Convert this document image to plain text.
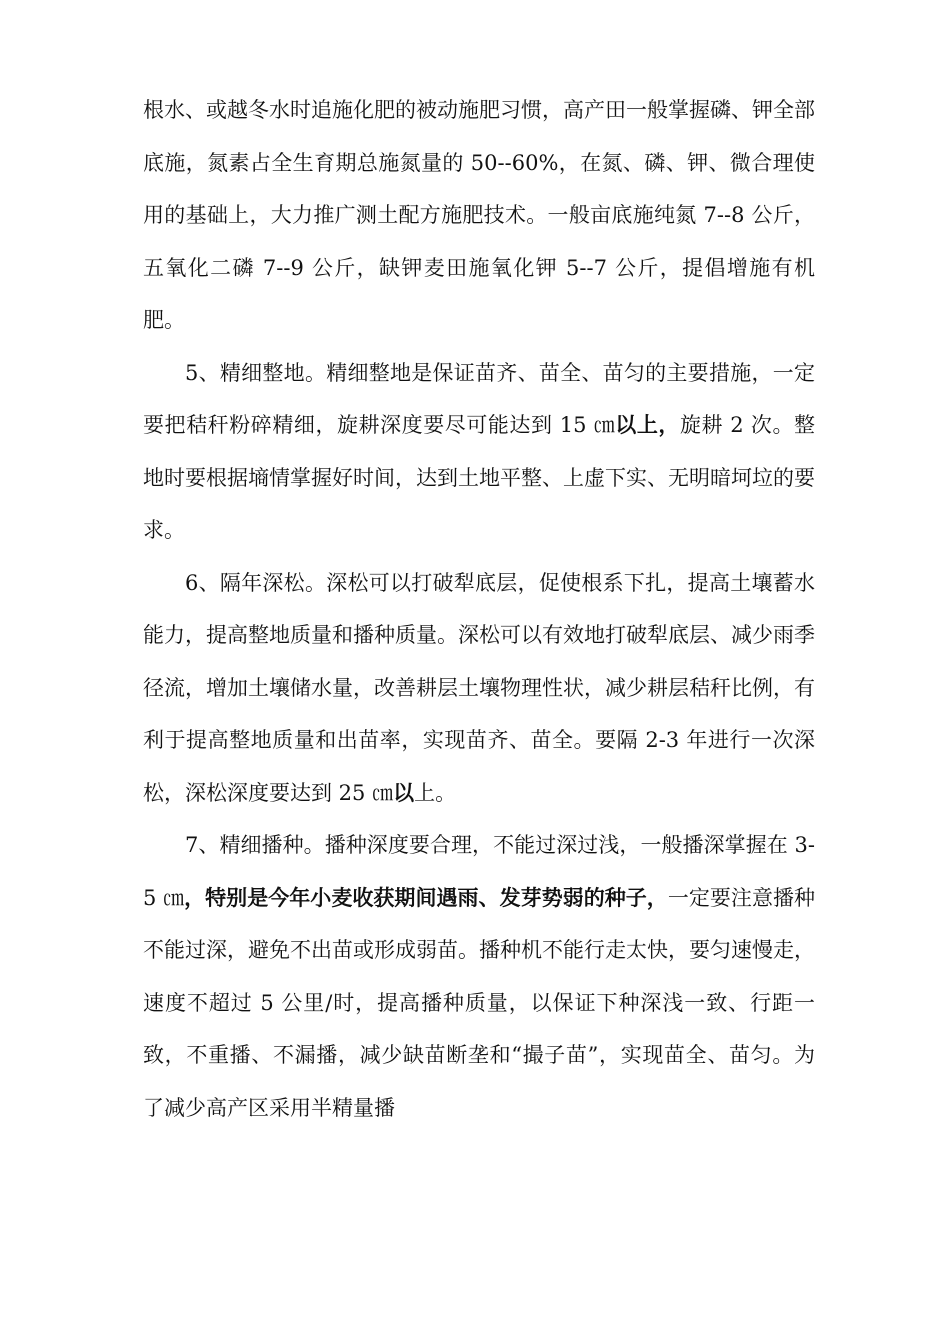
根水、或越冬水时追施化肥的被动施肥习惯，高产田一般掌握磷、钾全部底施，氮素占全生育期总施氮量的 50--60%，在氮、磷、钾、微合理使用的基础上，大力推广测土配方施肥技术。一般亩底施纯氮 7--8 公斤，五氧化二磷 7--9 公斤，缺钾麦田施氧化钾 5--7 公斤，提倡增施有机肥。

5、精细整地。精细整地是保证苗齐、苗全、苗匀的主要措施，一定要把秸秆粉碎精细，旋耕深度要尽可能达到 15 ㎝以上，旋耕 2 次。整地时要根据墒情掌握好时间，达到土地平整、上虚下实、无明暗坷垃的要求。

6、隔年深松。深松可以打破犁底层，促使根系下扎，提高土壤蓄水能力，提高整地质量和播种质量。深松可以有效地打破犁底层、减少雨季径流，增加土壤储水量，改善耕层土壤物理性状，减少耕层秸秆比例，有利于提高整地质量和出苗率，实现苗齐、苗全。要隔 2-3 年进行一次深松，深松深度要达到 25 ㎝以上。

7、精细播种。播种深度要合理，不能过深过浅，一般播深掌握在 3-5 ㎝，特别是今年小麦收获期间遇雨、发芽势弱的种子，一定要注意播种不能过深，避免不出苗或形成弱苗。播种机不能行走太快，要匀速慢走，速度不超过 5 公里/时，提高播种质量，以保证下种深浅一致、行距一致，不重播、不漏播，减少缺苗断垄和“撮子苗”，实现苗全、苗匀。为了减少高产区采用半精量播
